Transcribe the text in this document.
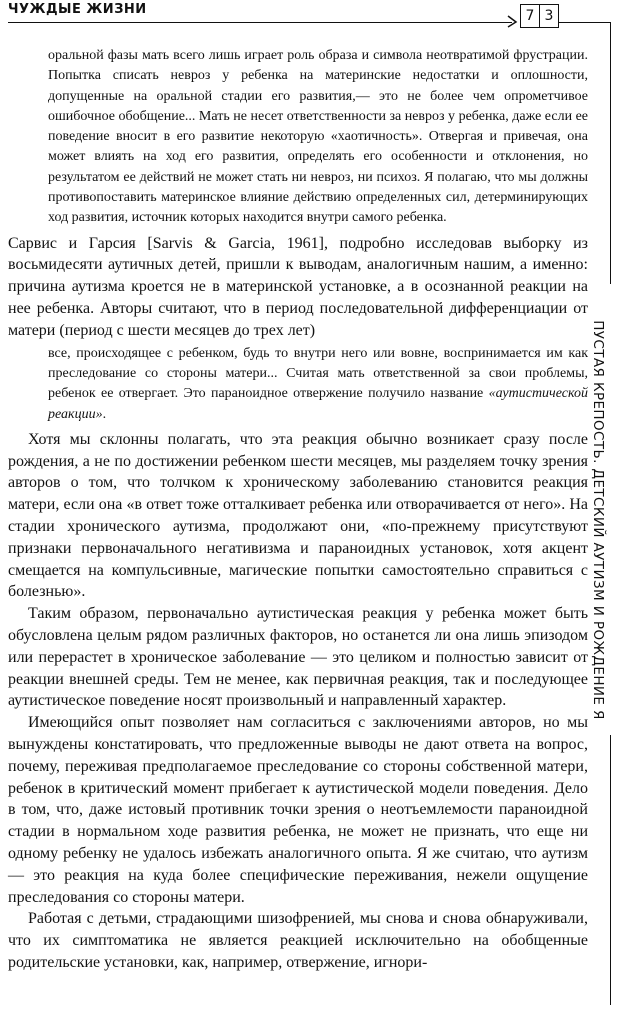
ЧУЖДЫЕ ЖИЗНИ	7 3
ПУСТАЯ КРЕПОСТЬ. ДЕТСКИЙ АУТИЗМ И РОЖДЕНИЕ Я

оральной фазы мать всего лишь играет роль образа и символа неотвратимой фрустрации. Попытка списать невроз у ребенка на материнские недостатки и оплошности, допущенные на оральной стадии его развития,— это не более чем опрометчивое ошибочное обобщение... Мать не несет ответственности за невроз у ребенка, даже если ее поведение вносит в его развитие некоторую «хаотичность». Отвергая и привечая, она может влиять на ход его развития, определять его особенности и отклонения, но результатом ее действий не может стать ни невроз, ни психоз. Я полагаю, что мы должны противопоставить материнское влияние действию определенных сил, детерминирующих ход развития, источник которых находится внутри самого ребенка.

Сарвис и Гарсия [Sarvis & Garcia, 1961], подробно исследовав выборку из восьмидесяти аутичных детей, пришли к выводам, аналогичным нашим, а именно: причина аутизма кроется не в материнской установке, а в осознанной реакции на нее ребенка. Авторы считают, что в период последовательной дифференциации от матери (период с шести месяцев до трех лет)

все, происходящее с ребенком, будь то внутри него или вовне, воспринимается им как преследование со стороны матери... Считая мать ответственной за свои проблемы, ребенок ее отвергает. Это параноидное отвержение получило название «аутистической реакции».

Хотя мы склонны полагать, что эта реакция обычно возникает сразу после рождения, а не по достижении ребенком шести месяцев, мы разделяем точку зрения авторов о том, что толчком к хроническому заболеванию становится реакция матери, если она «в ответ тоже отталкивает ребенка или отворачивается от него». На стадии хронического аутизма, продолжают они, «по-прежнему присутствуют признаки первоначального негативизма и параноидных установок, хотя акцент смещается на компульсивные, магические попытки самостоятельно справиться с болезнью».

Таким образом, первоначально аутистическая реакция у ребенка может быть обусловлена целым рядом различных факторов, но останется ли она лишь эпизодом или перерастет в хроническое заболевание — это целиком и полностью зависит от реакции внешней среды. Тем не менее, как первичная реакция, так и последующее аутистическое поведение носят произвольный и направленный характер.

Имеющийся опыт позволяет нам согласиться с заключениями авторов, но мы вынуждены констатировать, что предложенные выводы не дают ответа на вопрос, почему, переживая предполагаемое преследование со стороны собственной матери, ребенок в критический момент прибегает к аутистической модели поведения. Дело в том, что, даже истовый противник точки зрения о неотъемлемости параноидной стадии в нормальном ходе развития ребенка, не может не признать, что еще ни одному ребенку не удалось избежать аналогичного опыта. Я же считаю, что аутизм — это реакция на куда более специфические переживания, нежели ощущение преследования со стороны матери.

Работая с детьми, страдающими шизофренией, мы снова и снова обнаруживали, что их симптоматика не является реакцией исключительно на обобщенные родительские установки, как, например, отвержение, игнори-
